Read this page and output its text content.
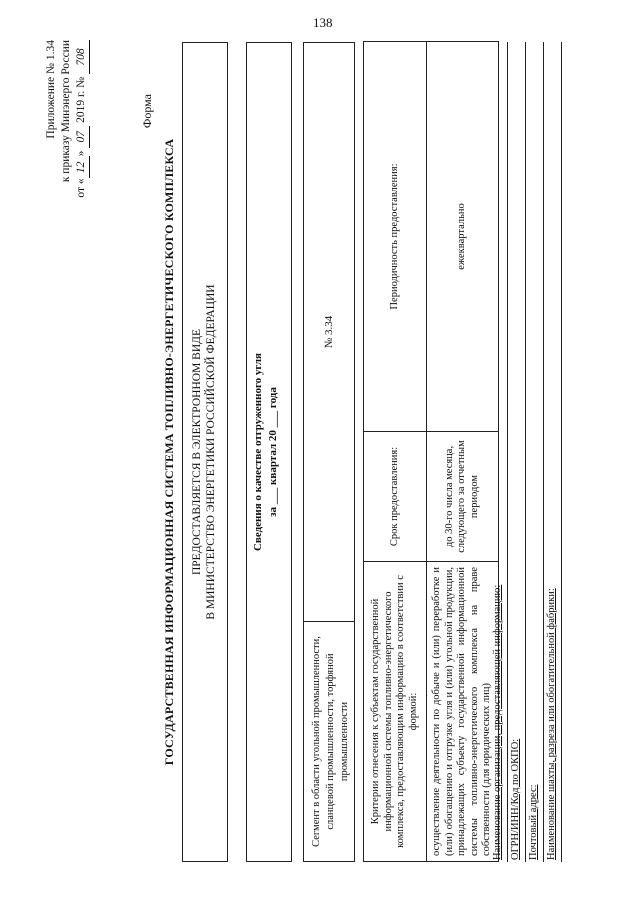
138
Приложение № 1.34 к приказу Минэнерго России
от «12» 07 2019 г. № 708
Форма
ГОСУДАРСТВЕННАЯ ИНФОРМАЦИОННАЯ СИСТЕМА ТОПЛИВНО-ЭНЕРГЕТИЧЕСКОГО КОМПЛЕКСА ПРЕДОСТАВЛЯЕТСЯ В ЭЛЕКТРОННОМ ВИДЕ В МИНИСТЕРСТВО ЭНЕРГЕТИКИ РОССИЙСКОЙ ФЕДЕРАЦИИ	Сведения о качестве отгруженного угля за ___ квартал 20 ___ года
Сегмент в области угольной промышленности, сланцевой промышленности, торфяной промышленности
№ 3.34
Критерии отнесения к субъектам государственной информационной системы топливно-энергетического комплекса, предоставляющим информацию в соответствии с формой:	Срок предоставления:	Периодичность предоставления:
осуществление деятельности по добыче и (или) переработке и (или) обогащению и отгрузке угля и (или) угольной продукции, принадлежащих субъекту государственной информационной системы топливно-энергетического комплекса на праве собственности (для юридических лиц)	до 30-го числа месяца, следующего за отчетным периодом	ежеквартально
Наименование организации, предоставляющей информацию: ОГРН/ИНН/Код по ОКПО: Почтовый адрес: Наименование шахты, разреза или обогатительной фабрики:
